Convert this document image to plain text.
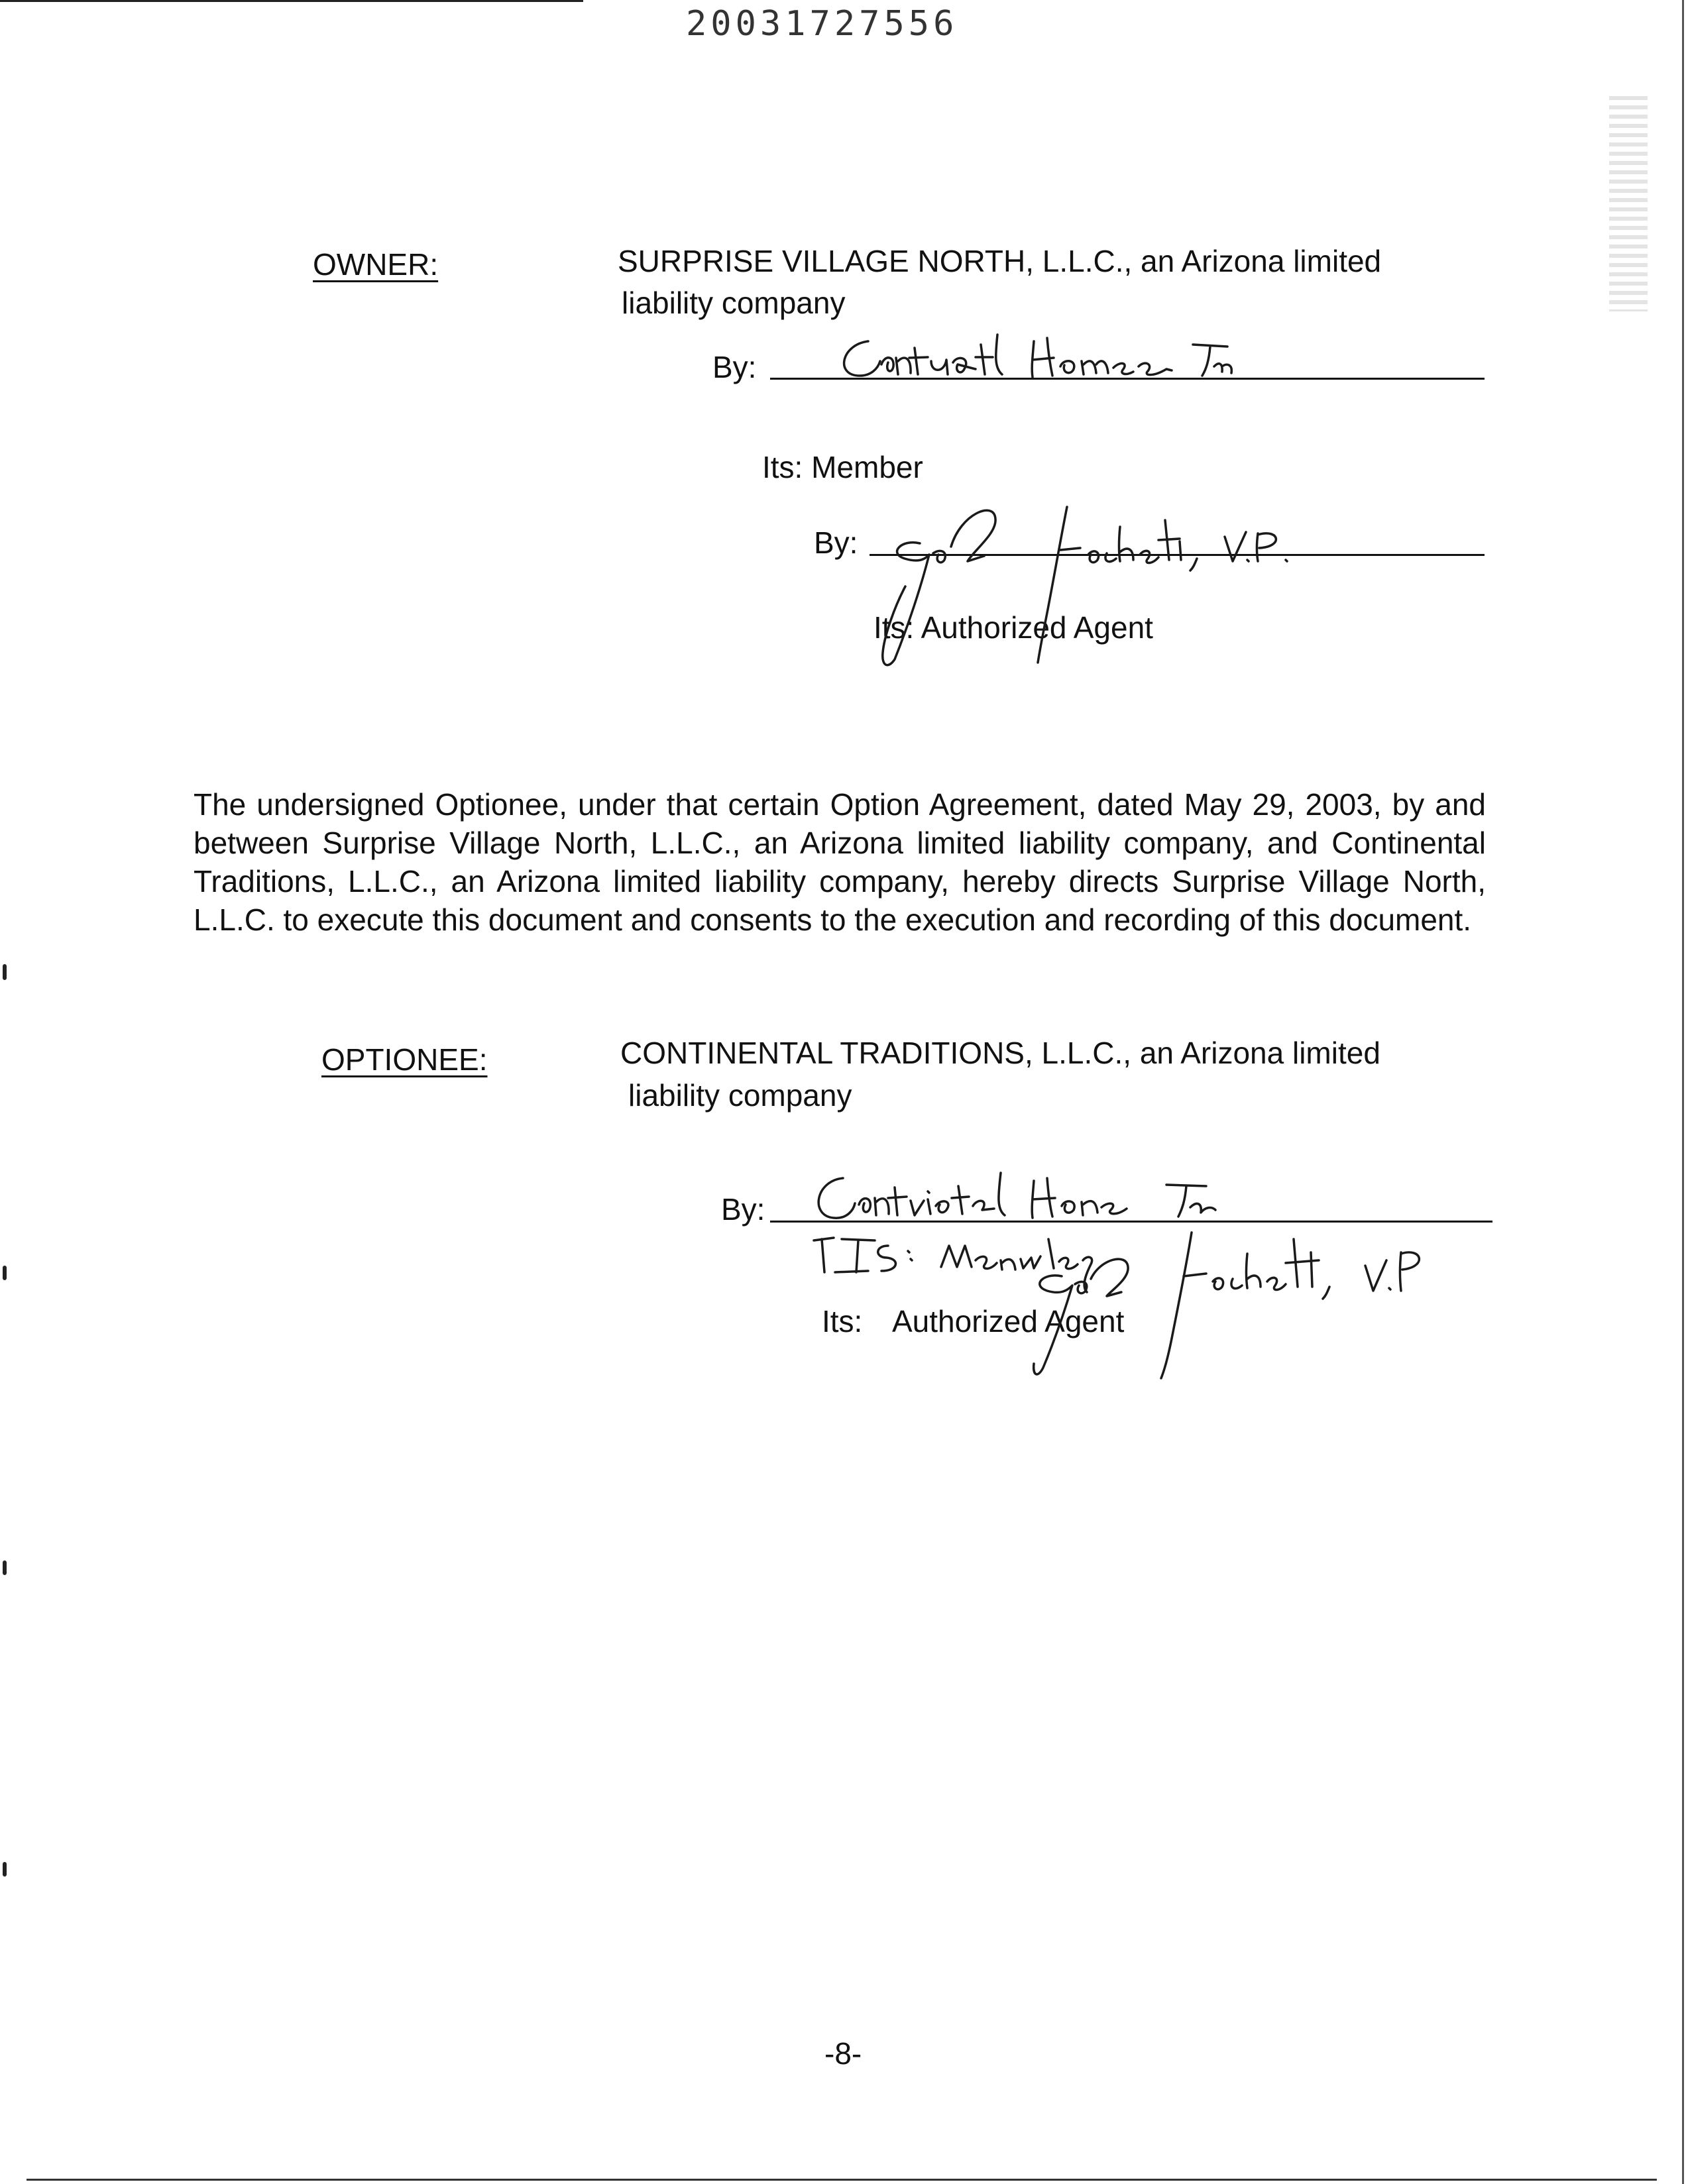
20031727556
OWNER:	SURPRISE VILLAGE NORTH, L.L.C., an Arizona limited
liability company
By:
Its: Member
By:
Its: Authorized Agent
The undersigned Optionee, under that certain Option Agreement, dated May 29, 2003, by and between Surprise Village North, L.L.C., an Arizona limited liability company, and Continental Traditions, L.L.C., an Arizona limited liability company, hereby directs Surprise Village North, L.L.C. to execute this document and consents to the execution and recording of this document.
OPTIONEE:	CONTINENTAL TRADITIONS, L.L.C., an Arizona limited
liability company
By:
Its: Authorized Agent
-8-
